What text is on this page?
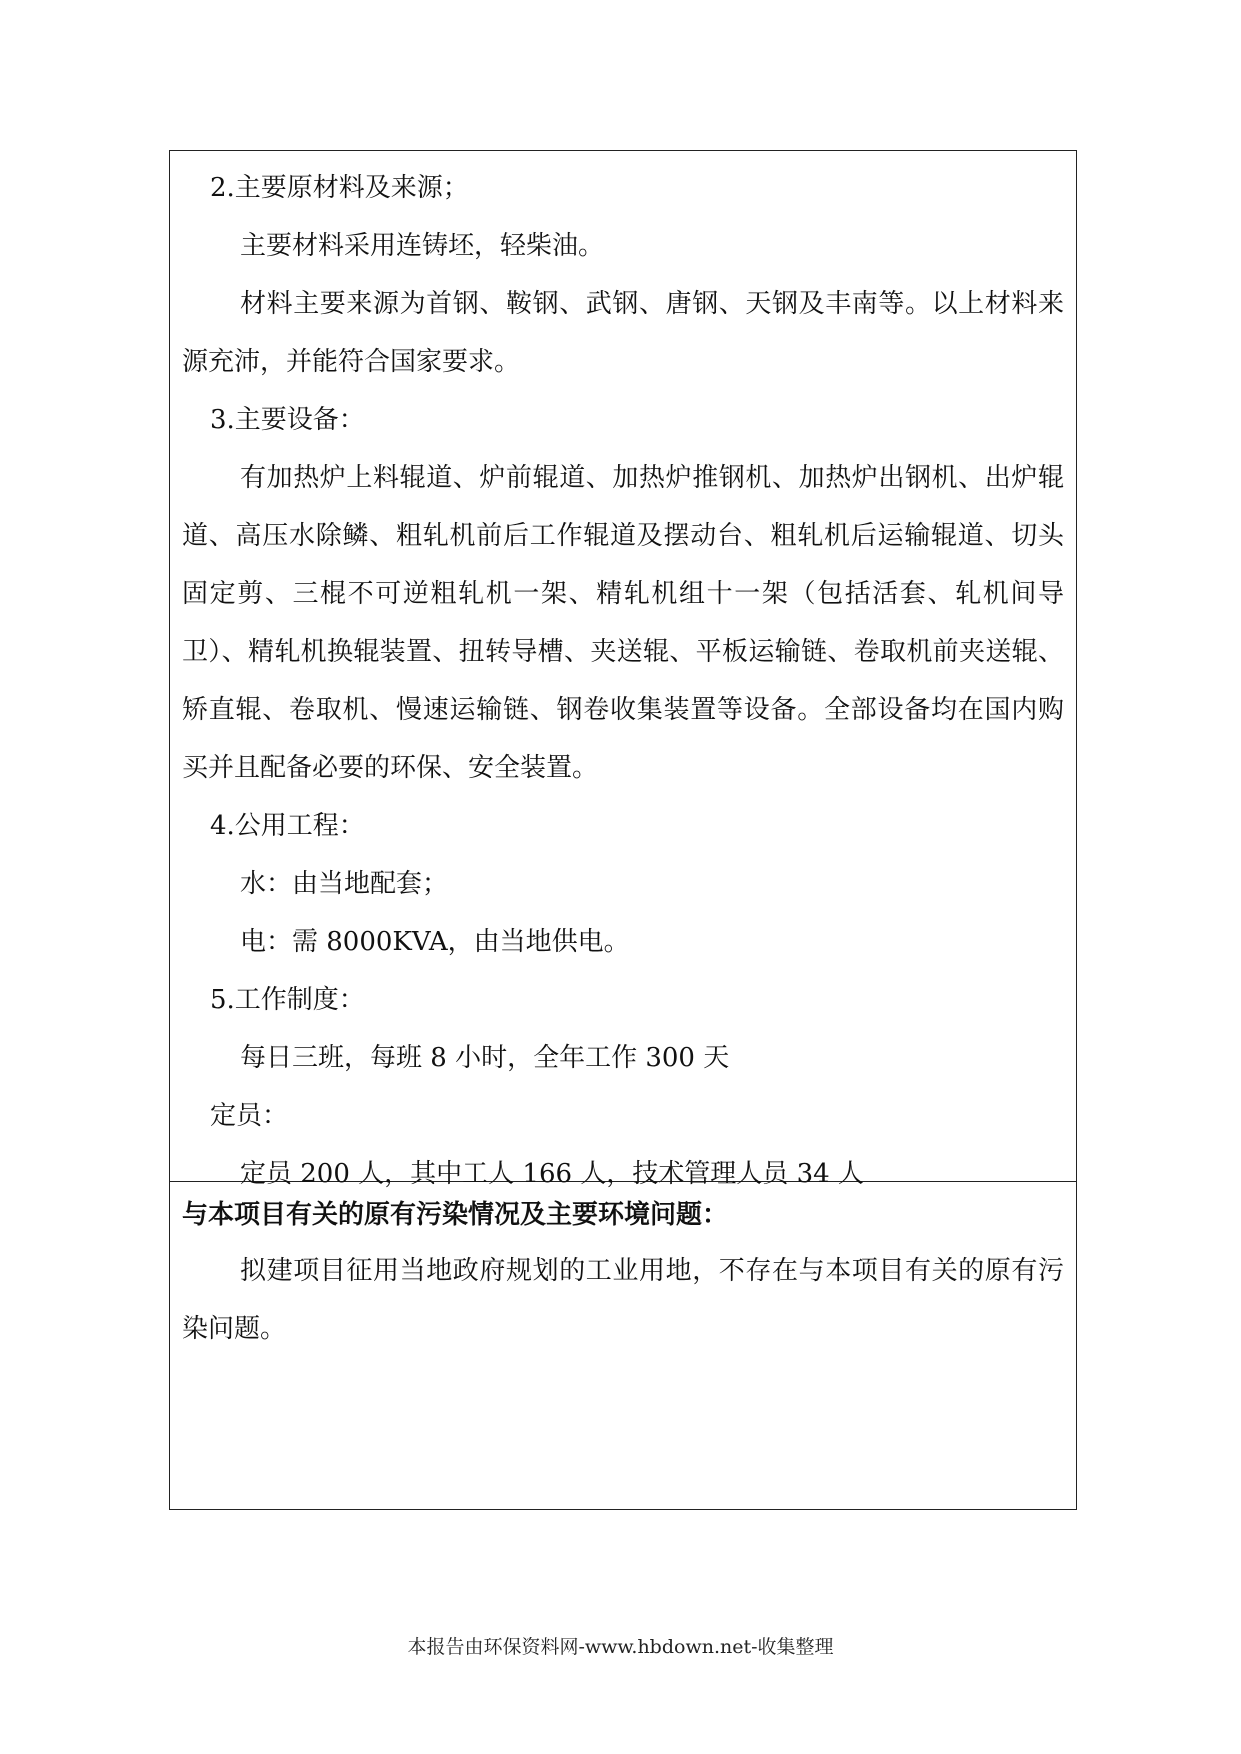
2.主要原材料及来源；
主要材料采用连铸坯，轻柴油。
材料主要来源为首钢、鞍钢、武钢、唐钢、天钢及丰南等。以上材料来源充沛，并能符合国家要求。
3.主要设备：
有加热炉上料辊道、炉前辊道、加热炉推钢机、加热炉出钢机、出炉辊道、高压水除鳞、粗轧机前后工作辊道及摆动台、粗轧机后运输辊道、切头固定剪、三棍不可逆粗轧机一架、精轧机组十一架（包括活套、轧机间导卫）、精轧机换辊装置、扭转导槽、夹送辊、平板运输链、卷取机前夹送辊、矫直辊、卷取机、慢速运输链、钢卷收集装置等设备。全部设备均在国内购买并且配备必要的环保、安全装置。
4.公用工程：
水：由当地配套；
电：需 8000KVA，由当地供电。
5.工作制度：
每日三班，每班 8 小时，全年工作 300 天
定员：
定员 200 人，其中工人 166 人，技术管理人员 34 人
与本项目有关的原有污染情况及主要环境问题：
拟建项目征用当地政府规划的工业用地，不存在与本项目有关的原有污染问题。
本报告由环保资料网-www.hbdown.net-收集整理
